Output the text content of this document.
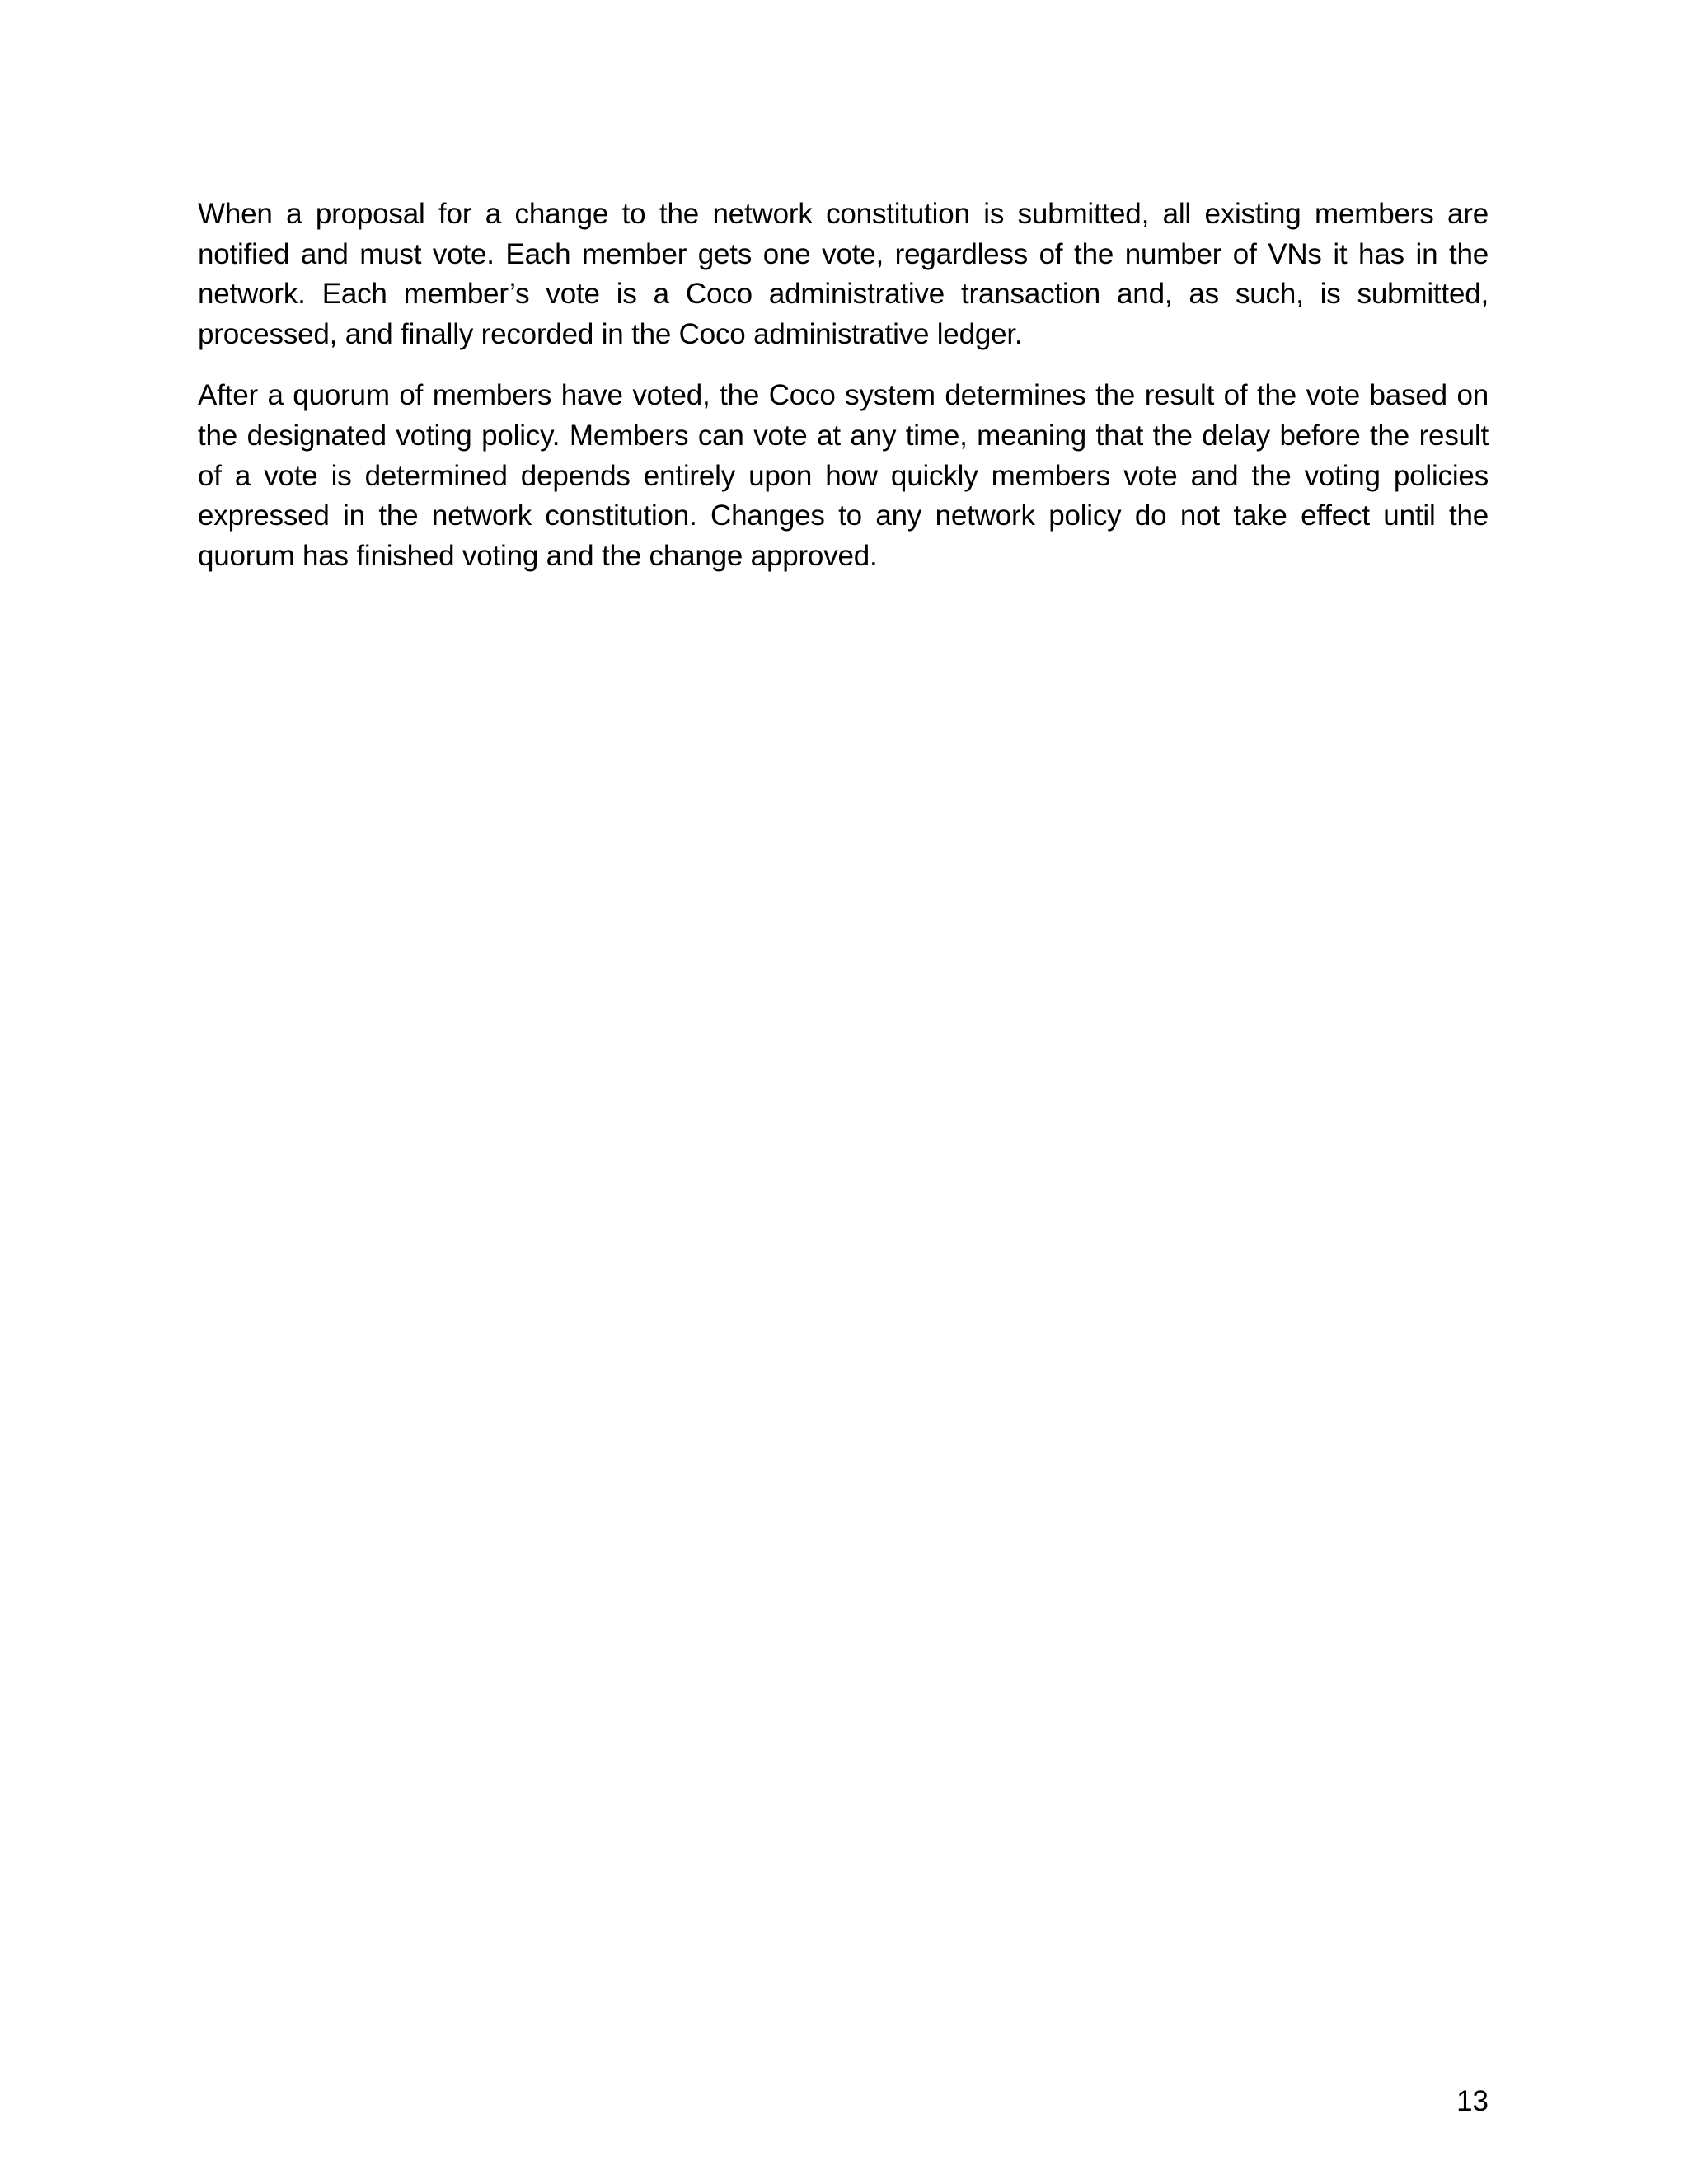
When a proposal for a change to the network constitution is submitted, all existing members are notified and must vote. Each member gets one vote, regardless of the number of VNs it has in the network. Each member’s vote is a Coco administrative transaction and, as such, is submitted, processed, and finally recorded in the Coco administrative ledger.

After a quorum of members have voted, the Coco system determines the result of the vote based on the designated voting policy. Members can vote at any time, meaning that the delay before the result of a vote is determined depends entirely upon how quickly members vote and the voting policies expressed in the network constitution. Changes to any network policy do not take effect until the quorum has finished voting and the change approved.

13
